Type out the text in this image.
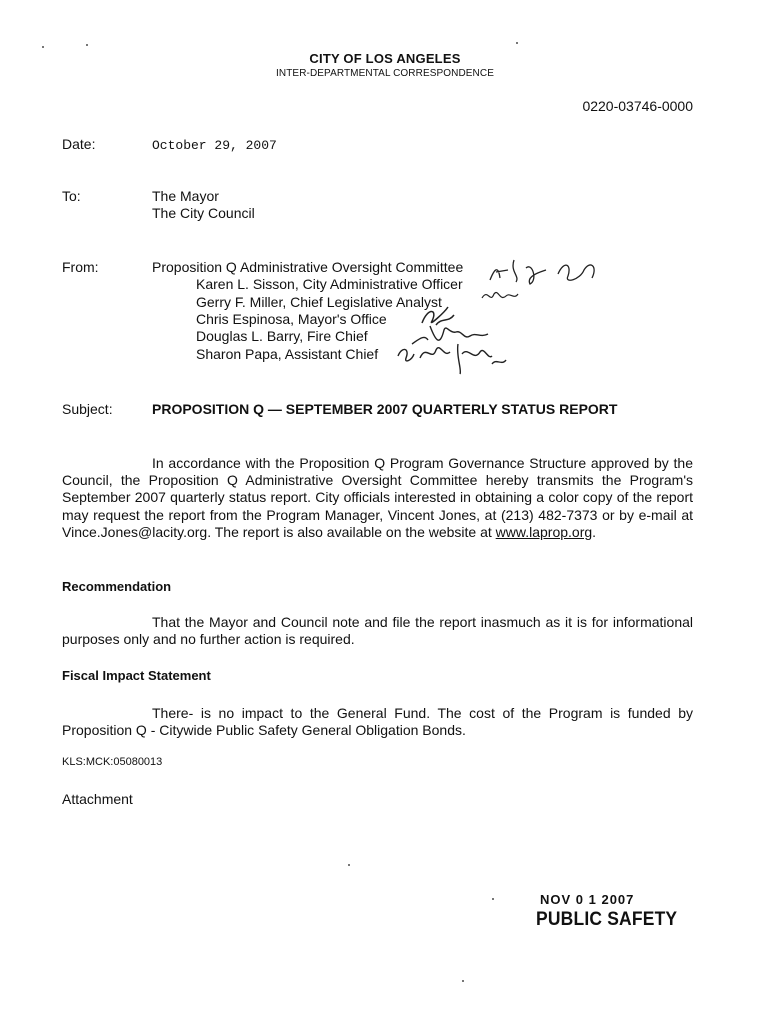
CITY OF LOS ANGELES
INTER-DEPARTMENTAL CORRESPONDENCE
0220-03746-0000
Date:	October 29, 2007
To:	The Mayor
The City Council
From:	Proposition Q Administrative Oversight Committee
Karen L. Sisson, City Administrative Officer
Gerry F. Miller, Chief Legislative Analyst
Chris Espinosa, Mayor's Office
Douglas L. Barry, Fire Chief
Sharon Papa, Assistant Chief
Subject:	PROPOSITION Q — SEPTEMBER 2007 QUARTERLY STATUS REPORT

In accordance with the Proposition Q Program Governance Structure approved by the Council, the Proposition Q Administrative Oversight Committee hereby transmits the Program's September 2007 quarterly status report. City officials interested in obtaining a color copy of the report may request the report from the Program Manager, Vincent Jones, at (213) 482-7373 or by e-mail at Vince.Jones@lacity.org. The report is also available on the website at www.laprop.org.

Recommendation

That the Mayor and Council note and file the report inasmuch as it is for informational purposes only and no further action is required.

Fiscal Impact Statement

There- is no impact to the General Fund. The cost of the Program is funded by Proposition Q - Citywide Public Safety General Obligation Bonds.

KLS:MCK:05080013
Attachment
NOV 0 1 2007
PUBLIC SAFETY
